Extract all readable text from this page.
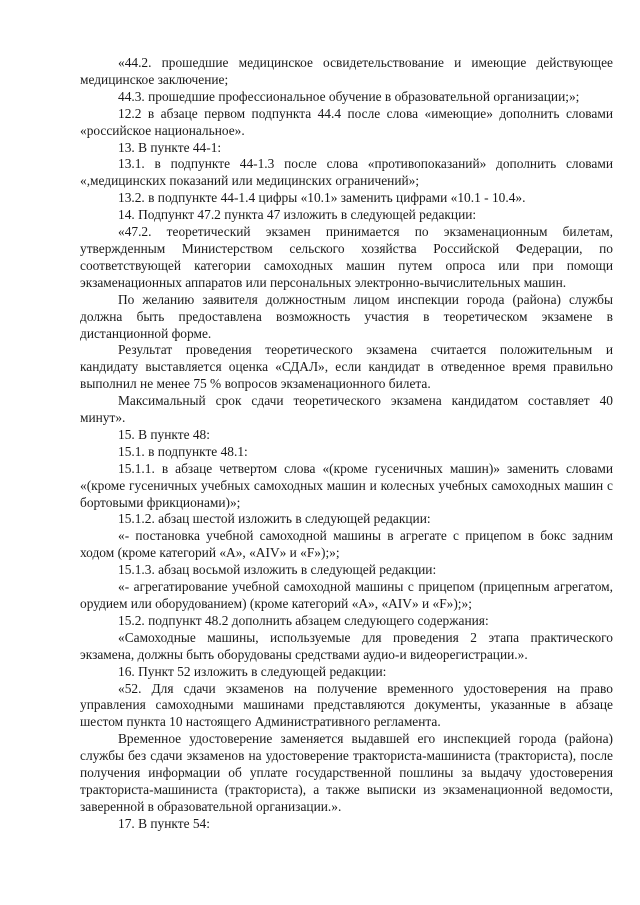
«44.2. прошедшие медицинское освидетельствование и имеющие действующее медицинское заключение;

44.3. прошедшие профессиональное обучение в образовательной организации;»;

12.2 в абзаце первом подпункта 44.4 после слова «имеющие» дополнить словами «российское национальное».

13. В пункте 44-1:

13.1. в подпункте 44-1.3 после слова «противопоказаний» дополнить словами «,медицинских показаний или медицинских ограничений»;

13.2. в подпункте 44-1.4 цифры «10.1» заменить цифрами «10.1 - 10.4».

14. Подпункт 47.2 пункта 47 изложить в следующей редакции:

«47.2. теоретический экзамен принимается по экзаменационным билетам, утвержденным Министерством сельского хозяйства Российской Федерации, по соответствующей категории самоходных машин путем опроса или при помощи экзаменационных аппаратов или персональных электронно-вычислительных машин.

По желанию заявителя должностным лицом инспекции города (района) службы должна быть предоставлена возможность участия в теоретическом экзамене в дистанционной форме.

Результат проведения теоретического экзамена считается положительным и кандидату выставляется оценка «СДАЛ», если кандидат в отведенное время правильно выполнил не менее 75 % вопросов экзаменационного билета.

Максимальный срок сдачи теоретического экзамена кандидатом составляет 40 минут».

15. В пункте 48:

15.1. в подпункте 48.1:

15.1.1. в абзаце четвертом слова «(кроме гусеничных машин)» заменить словами «(кроме гусеничных учебных самоходных машин и колесных учебных самоходных машин с бортовыми фрикционами)»;

15.1.2. абзац шестой изложить в следующей редакции:

«- постановка учебной самоходной машины в агрегате с прицепом в бокс задним ходом (кроме категорий «A», «AIV» и «F»);»;

15.1.3. абзац восьмой изложить в следующей редакции:

«- агрегатирование учебной самоходной машины с прицепом (прицепным агрегатом, орудием или оборудованием) (кроме категорий «A», «AIV» и «F»);»;

15.2. подпункт 48.2 дополнить абзацем следующего содержания:

«Самоходные машины, используемые для проведения 2 этапа практического экзамена, должны быть оборудованы средствами аудио-и видеорегистрации.».

16. Пункт 52 изложить в следующей редакции:

«52. Для сдачи экзаменов на получение временного удостоверения на право управления самоходными машинами представляются документы, указанные в абзаце шестом пункта 10 настоящего Административного регламента.

Временное удостоверение заменяется выдавшей его инспекцией города (района) службы без сдачи экзаменов на удостоверение тракториста-машиниста (тракториста), после получения информации об уплате государственной пошлины за выдачу удостоверения тракториста-машиниста (тракториста), а также выписки из экзаменационной ведомости, заверенной в образовательной организации.».

17. В пункте 54:
